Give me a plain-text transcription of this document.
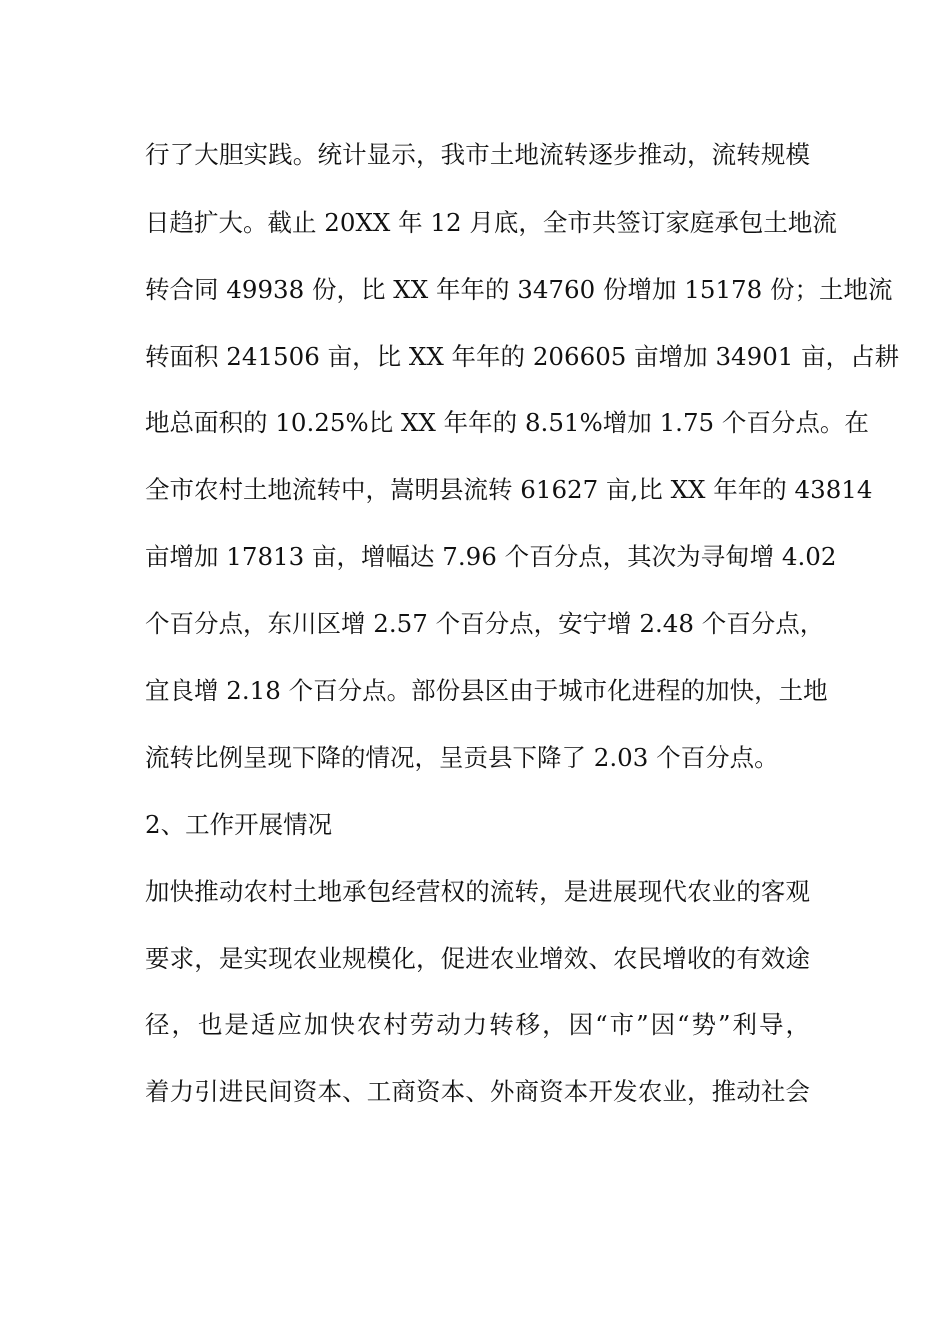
行了大胆实践。统计显示，我市土地流转逐步推动，流转规模
日趋扩大。截止 20XX 年 12 月底，全市共签订家庭承包土地流
转合同 49938 份，比 XX 年年的 34760 份增加 15178 份；土地流
转面积 241506 亩，比 XX 年年的 206605 亩增加 34901 亩，占耕
地总面积的 10.25%比 XX 年年的 8.51%增加 1.75 个百分点。在
全市农村土地流转中，嵩明县流转 61627 亩,比 XX 年年的 43814
亩增加 17813 亩，增幅达 7.96 个百分点，其次为寻甸增 4.02
个百分点，东川区增 2.57 个百分点，安宁增 2.48 个百分点，
宜良增 2.18 个百分点。部份县区由于城市化进程的加快，土地
流转比例呈现下降的情况，呈贡县下降了 2.03 个百分点。
2、工作开展情况
加快推动农村土地承包经营权的流转，是进展现代农业的客观
要求，是实现农业规模化，促进农业增效、农民增收的有效途
径，也是适应加快农村劳动力转移，因“市”因“势”利导，
着力引进民间资本、工商资本、外商资本开发农业，推动社会
